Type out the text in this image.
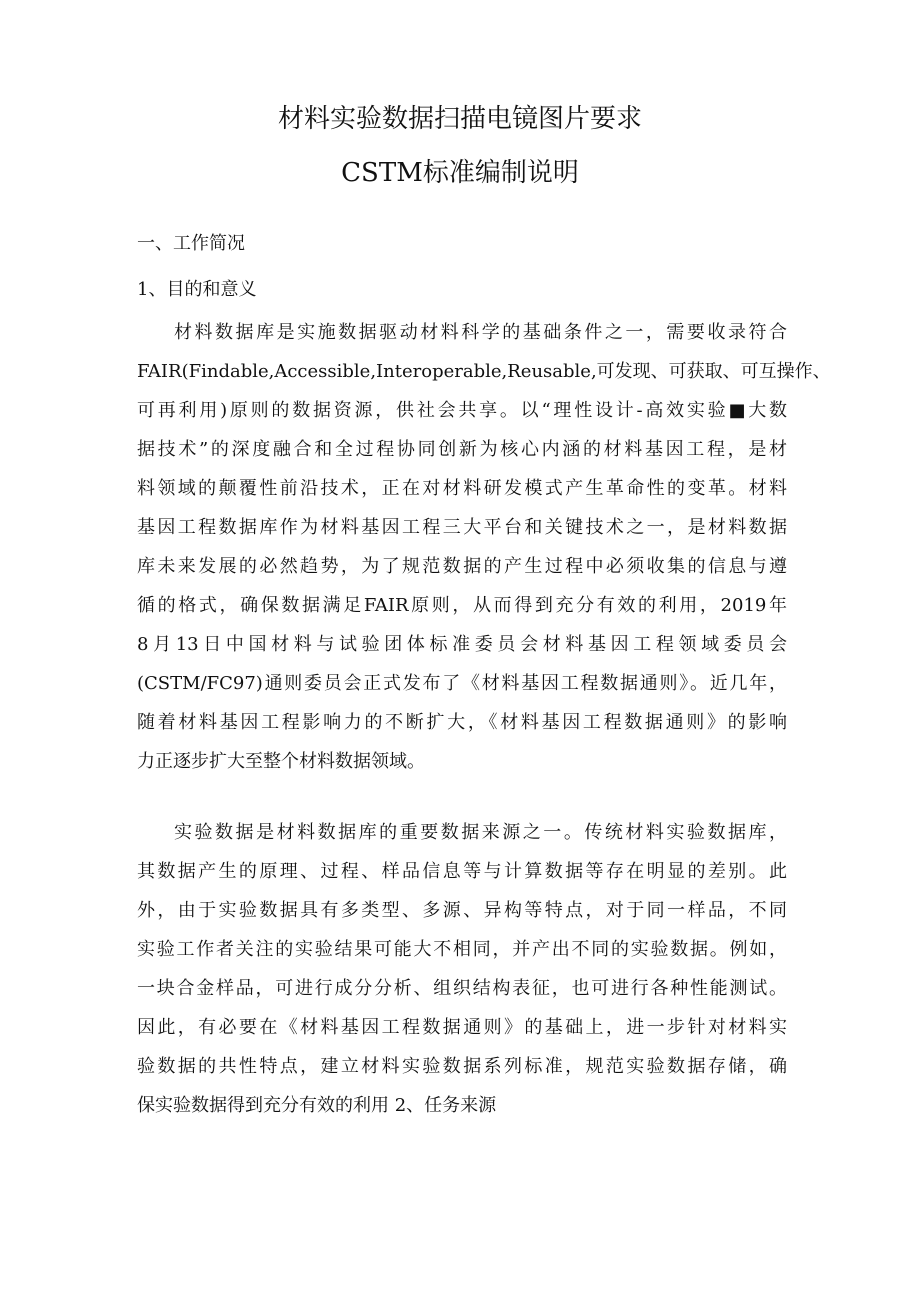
材料实验数据扫描电镜图片要求
CSTM标准编制说明
一、工作简况
1、目的和意义
材料数据库是实施数据驱动材料科学的基础条件之一，需要收录符合
FAIR(Findable,Accessible,Interoperable,Reusable,可发现、可获取、可互操作、
可再利用)原则的数据资源，供社会共享。以“理性设计-高效实验■大数
据技术”的深度融合和全过程协同创新为核心内涵的材料基因工程，是材
料领域的颠覆性前沿技术，正在对材料研发模式产生革命性的变革。材料
基因工程数据库作为材料基因工程三大平台和关键技术之一，是材料数据
库未来发展的必然趋势，为了规范数据的产生过程中必须收集的信息与遵
循的格式，确保数据满足FAIR原则，从而得到充分有效的利用，2019年
8月13日中国材料与试验团体标准委员会材料基因工程领域委员会
(CSTM/FC97)通则委员会正式发布了《材料基因工程数据通则》。近几年，
随着材料基因工程影响力的不断扩大，《材料基因工程数据通则》的影响
力正逐步扩大至整个材料数据领域。
实验数据是材料数据库的重要数据来源之一。传统材料实验数据库，
其数据产生的原理、过程、样品信息等与计算数据等存在明显的差别。此
外，由于实验数据具有多类型、多源、异构等特点，对于同一样品，不同
实验工作者关注的实验结果可能大不相同，并产出不同的实验数据。例如，
一块合金样品，可进行成分分析、组织结构表征，也可进行各种性能测试。
因此，有必要在《材料基因工程数据通则》的基础上，进一步针对材料实
验数据的共性特点，建立材料实验数据系列标准，规范实验数据存储，确
保实验数据得到充分有效的利用 2、任务来源
